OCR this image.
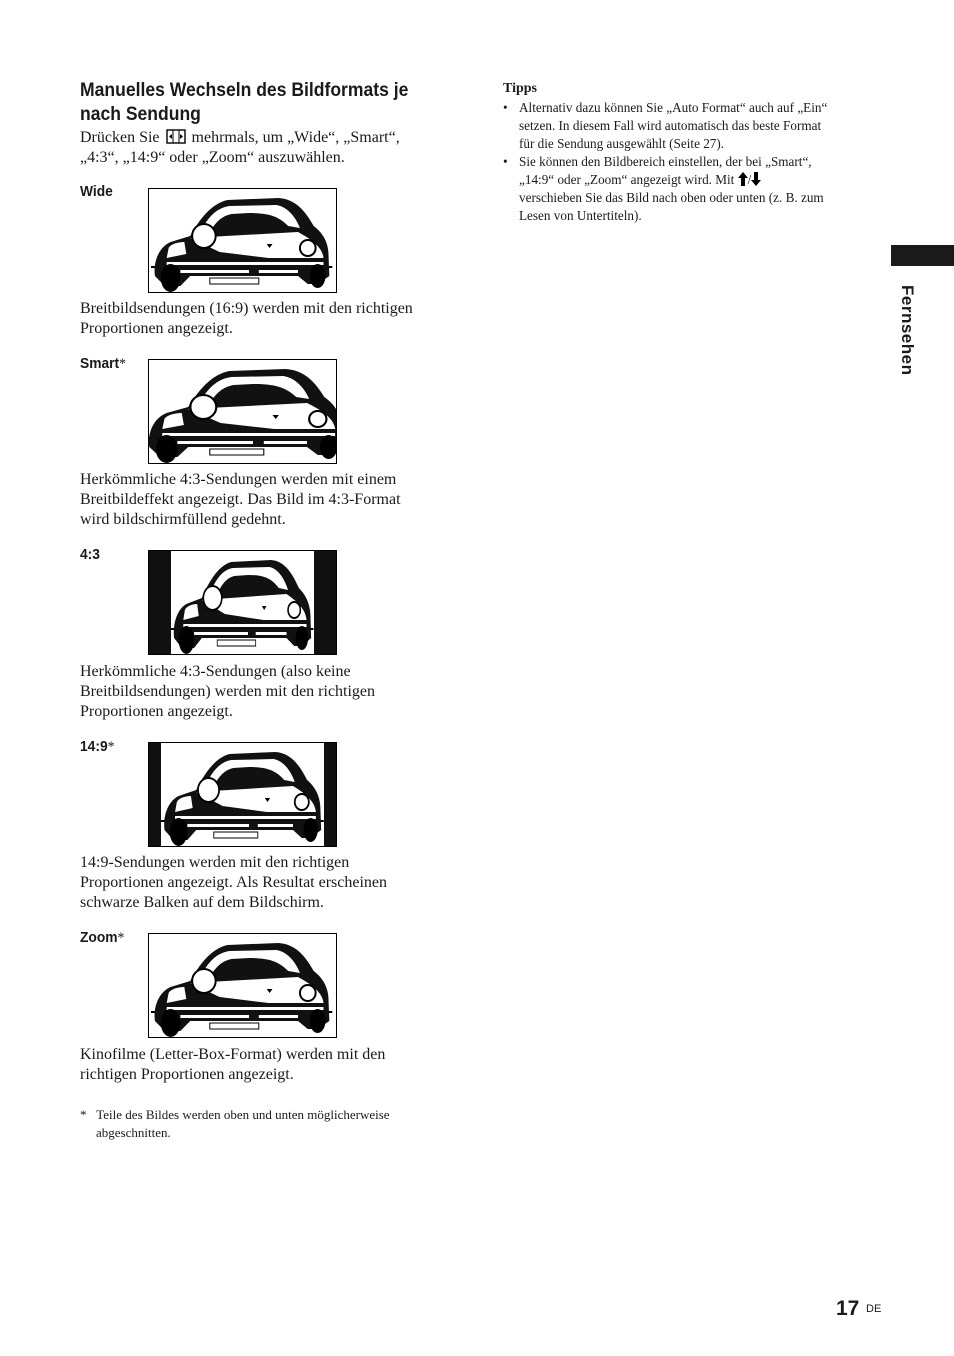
Manuelles Wechseln des Bildformats je
nach Sendung
Drücken Sie mehrmals, um „Wide“, „Smart“,
„4:3“, „14:9“ oder „Zoom“ auszuwählen.
Wide
Breitbildsendungen (16:9) werden mit den richtigen
Proportionen angezeigt.
Smart*
Herkömmliche 4:3-Sendungen werden mit einem
Breitbildeffekt angezeigt. Das Bild im 4:3-Format
wird bildschirmfüllend gedehnt.
4:3
Herkömmliche 4:3-Sendungen (also keine
Breitbildsendungen) werden mit den richtigen
Proportionen angezeigt.
14:9*
14:9-Sendungen werden mit den richtigen
Proportionen angezeigt. Als Resultat erscheinen
schwarze Balken auf dem Bildschirm.
Zoom*
Kinofilme (Letter-Box-Format) werden mit den
richtigen Proportionen angezeigt.
* Teile des Bildes werden oben und unten möglicherweise
abgeschnitten.
Tipps
• Alternativ dazu können Sie „Auto Format“ auch auf „Ein“
setzen. In diesem Fall wird automatisch das beste Format
für die Sendung ausgewählt (Seite 27).
• Sie können den Bildbereich einstellen, der bei „Smart“,
„14:9“ oder „Zoom“ angezeigt wird. Mit /
verschieben Sie das Bild nach oben oder unten (z. B. zum
Lesen von Untertiteln).
Fernsehen
17 DE
